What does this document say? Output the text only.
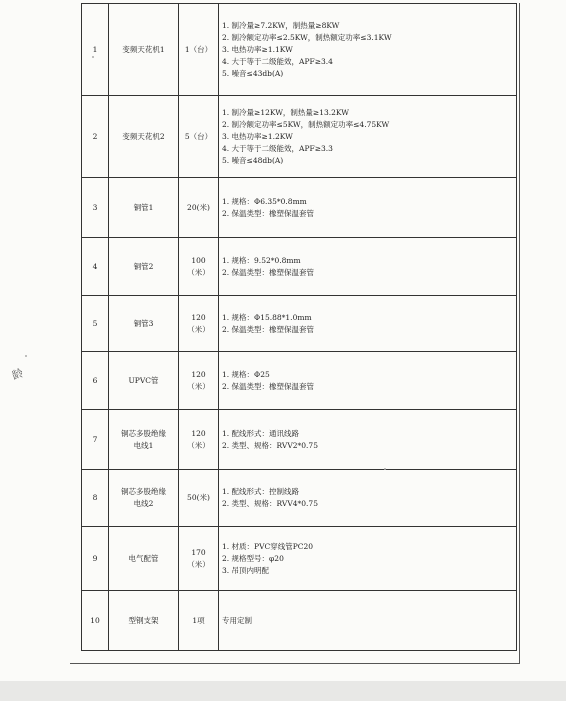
1	变频天花机1	1（台）	1. 制冷量≥7.2KW，制热量≥8KW
2. 制冷额定功率≤2.5KW，制热额定功率≤3.1KW
3. 电热功率≥1.1KW
4. 大于等于二级能效，APF≥3.4
5. 噪音≤43db(A)

2	变频天花机2	5（台）	1. 制冷量≥12KW，制热量≥13.2KW
2. 制冷额定功率≤5KW，制热额定功率≤4.75KW
3. 电热功率≥1.2KW
4. 大于等于二级能效，APF≥3.3
5. 噪音≤48db(A)

3	铜管1	20(米)	1. 规格：Φ6.35*0.8mm
2. 保温类型：橡塑保温套管

4	铜管2	100
（米）	1. 规格：9.52*0.8mm
2. 保温类型：橡塑保温套管

5	铜管3	120
（米）	1. 规格：Φ15.88*1.0mm
2. 保温类型：橡塑保温套管

6	UPVC管	120
（米）	1. 规格：Φ25
2. 保温类型：橡塑保温套管

7	铜芯多股绝缘
电线1	120
（米）	1. 配线形式：通讯线路
2. 类型、规格：RVV2*0.75

8	铜芯多股绝缘
电线2	50(米)	1. 配线形式：控制线路
2. 类型、规格：RVV4*0.75

9	电气配管	170
（米）	1. 材质：PVC穿线管PC20
2. 规格型号：φ20
3. 吊顶内明配

10	型钢支架	1项	专用定制
龄
